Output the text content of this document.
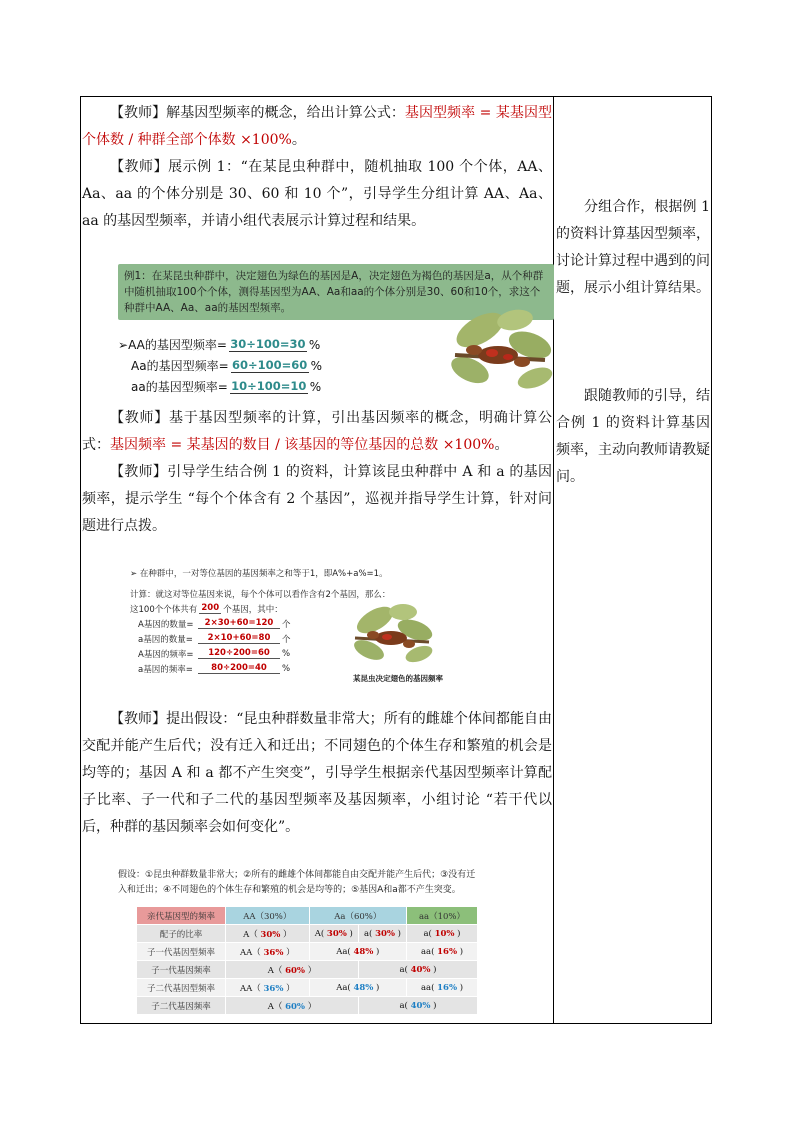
【教师】解基因型频率的概念，给出计算公式：基因型频率 = 某基因型个体数 / 种群全部个体数 ×100%。

【教师】展示例 1：“在某昆虫种群中，随机抽取 100 个个体，AA、Aa、aa 的个体分别是 30、60 和 10 个”，引导学生分组计算 AA、Aa、aa 的基因型频率，并请小组代表展示计算过程和结果。

例1：在某昆虫种群中，决定翅色为绿色的基因是A，决定翅色为褐色的基因是a，从个种群中随机抽取100个个体，测得基因型为AA、Aa和aa的个体分别是30、60和10个，求这个种群中AA、Aa、aa的基因型频率。
➢ AA的基因型频率= 30÷100=30 %
Aa的基因型频率= 60÷100=60 %
aa的基因型频率= 10÷100=10 %

【教师】基于基因型频率的计算，引出基因频率的概念，明确计算公式：基因频率 = 某基因的数目 / 该基因的等位基因的总数 ×100%。

【教师】引导学生结合例 1 的资料，计算该昆虫种群中 A 和 a 的基因频率，提示学生 “每个个体含有 2 个基因”，巡视并指导学生计算，针对问题进行点拨。

➢ 在种群中，一对等位基因的基因频率之和等于1，即A%+a%=1。
计算：就这对等位基因来说，每个个体可以看作含有2个基因，那么：
这100个个体共有 200 个基因，其中：
A基因的数量=	2×30+60=120	个
a基因的数量=	2×10+60=80	个
A基因的频率=	120÷200=60	%
a基因的频率=	80÷200=40	%
某昆虫决定翅色的基因频率

【教师】提出假设：“昆虫种群数量非常大；所有的雌雄个体间都能自由交配并能产生后代；没有迁入和迁出；不同翅色的个体生存和繁殖的机会是均等的；基因 A 和 a 都不产生突变”，引导学生根据亲代基因型频率计算配子比率、子一代和子二代的基因型频率及基因频率，小组讨论 “若干代以后，种群的基因频率会如何变化”。

假设：①昆虫种群数量非常大；②所有的雌雄个体间都能自由交配并能产生后代；③没有迁入和迁出；④不同翅色的个体生存和繁殖的机会是均等的；⑤基因A和a都不产生突变。
亲代基因型的频率	AA（30%）	Aa（60%）		aa（10%）
配子的比率	A（ 30% ）	A( 30% )	a( 30% )	a( 10% )
子一代基因型频率	AA（ 36% ）	Aa( 48% )		aa( 16% )
子一代基因频率	A（ 60% ）		a( 40% )	
子二代基因型频率	AA（ 36% ）	Aa( 48% )		aa( 16% )
子二代基因频率	A（ 60% ）		a( 40% )	

分组合作，根据例 1 的资料计算基因型频率，讨论计算过程中遇到的问题，展示小组计算结果。

跟随教师的引导，结合例 1 的资料计算基因频率，主动向教师请教疑问。
